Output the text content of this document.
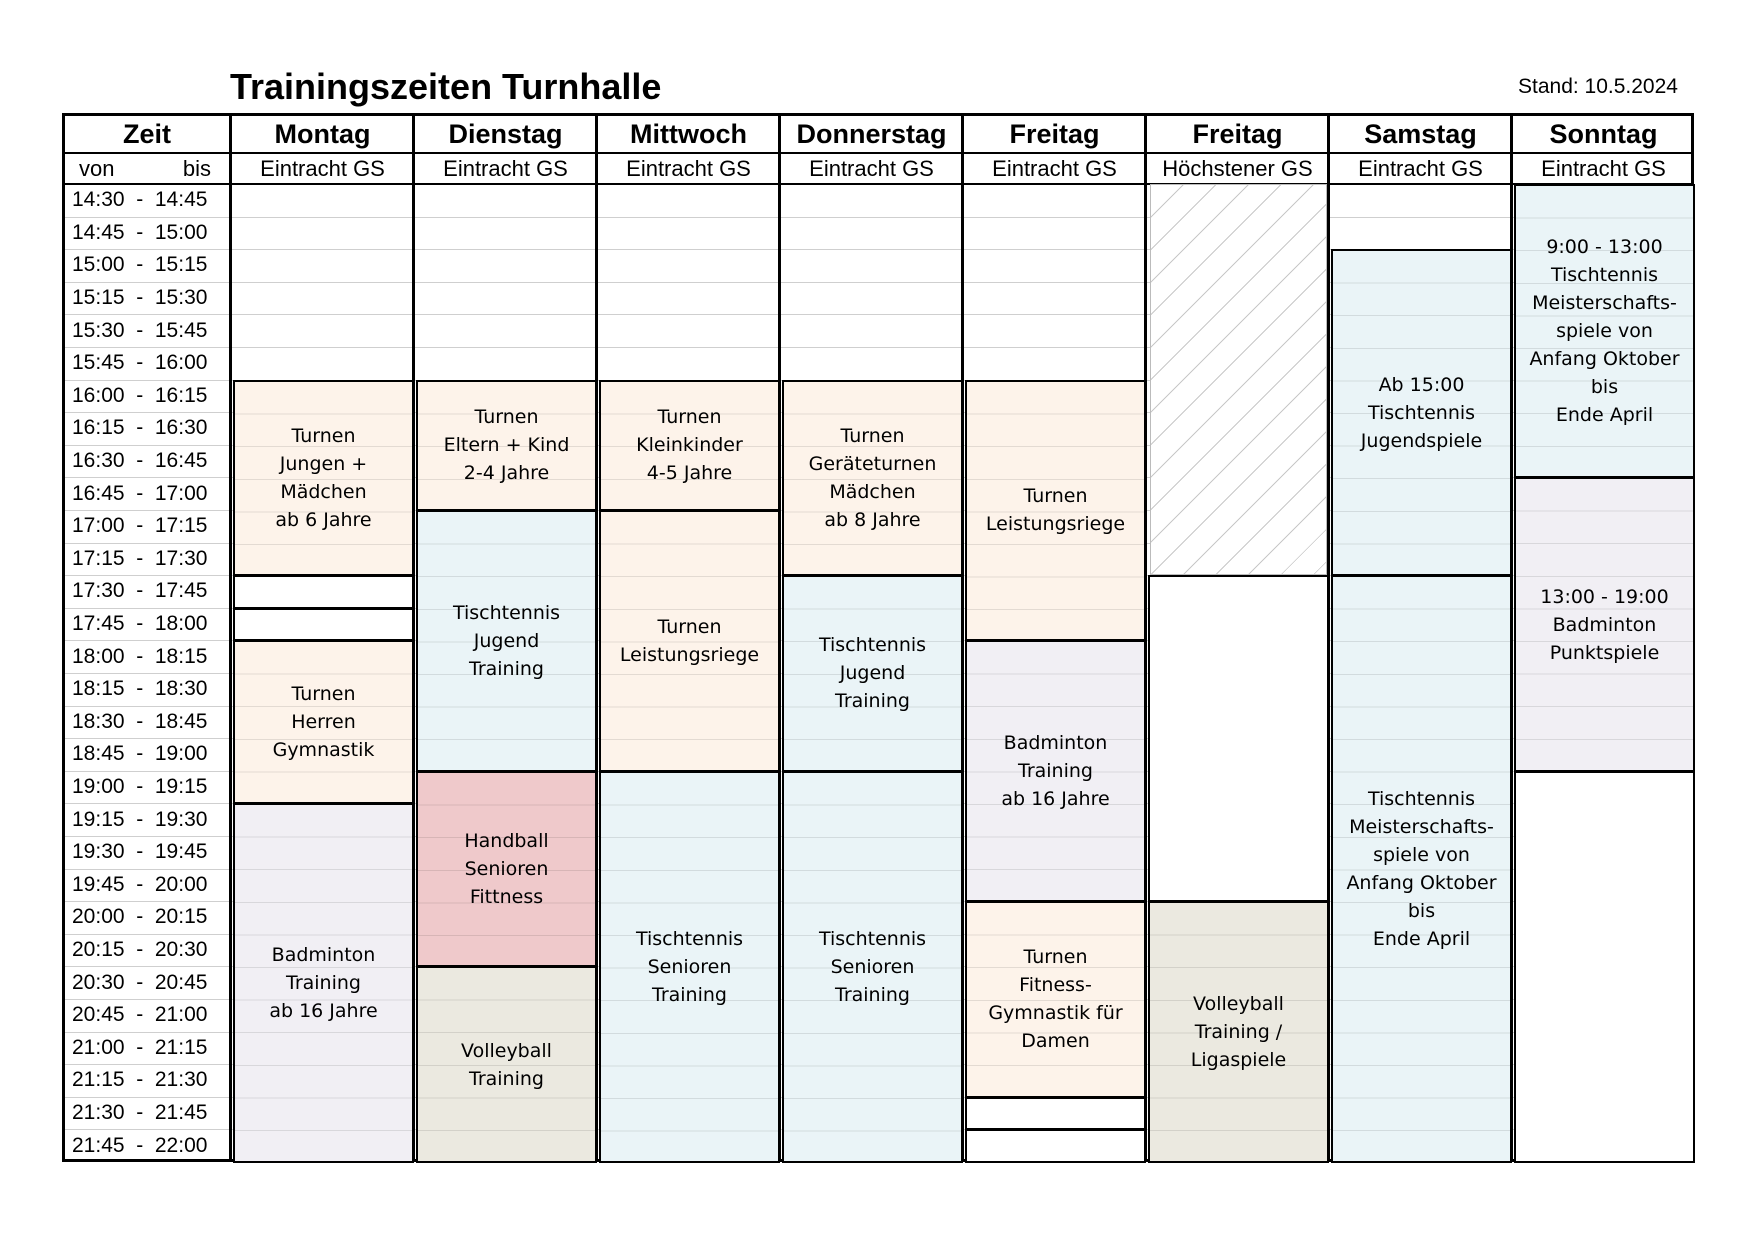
Trainingszeiten Turnhalle	Stand: 10.5.2024
Zeit
von	bis
Montag
Eintracht GS
Dienstag
Eintracht GS
Mittwoch
Eintracht GS
Donnerstag
Eintracht GS
Freitag
Eintracht GS
Freitag
Höchstener GS
Samstag
Eintracht GS
Sonntag
Eintracht GS
Turnen
Jungen +
Mädchen
ab 6 Jahre
Turnen
Herren
Gymnastik
Badminton
Training
ab 16 Jahre
Turnen
Eltern + Kind
2-4 Jahre
Tischtennis
Jugend
Training
Handball
Senioren
Fittness
Volleyball
Training
Turnen
Kleinkinder
4-5 Jahre
Turnen
Leistungsriege
Tischtennis
Senioren
Training
Turnen
Geräteturnen
Mädchen
ab 8 Jahre
Tischtennis
Jugend
Training
Tischtennis
Senioren
Training
Turnen
Leistungsriege
Badminton
Training
ab 16 Jahre
Turnen
Fitness-
Gymnastik für
Damen
Volleyball
Training /
Ligaspiele
Ab 15:00
Tischtennis
Jugendspiele
Tischtennis
Meisterschafts-
spiele von
Anfang Oktober
bis
Ende April
9:00 - 13:00
Tischtennis
Meisterschafts-
spiele von
Anfang Oktober
bis
Ende April
13:00 - 19:00
Badminton
Punktspiele
14:30  -  14:45
14:45  -  15:00
15:00  -  15:15
15:15  -  15:30
15:30  -  15:45
15:45  -  16:00
16:00  -  16:15
16:15  -  16:30
16:30  -  16:45
16:45  -  17:00
17:00  -  17:15
17:15  -  17:30
17:30  -  17:45
17:45  -  18:00
18:00  -  18:15
18:15  -  18:30
18:30  -  18:45
18:45  -  19:00
19:00  -  19:15
19:15  -  19:30
19:30  -  19:45
19:45  -  20:00
20:00  -  20:15
20:15  -  20:30
20:30  -  20:45
20:45  -  21:00
21:00  -  21:15
21:15  -  21:30
21:30  -  21:45
21:45  -  22:00
